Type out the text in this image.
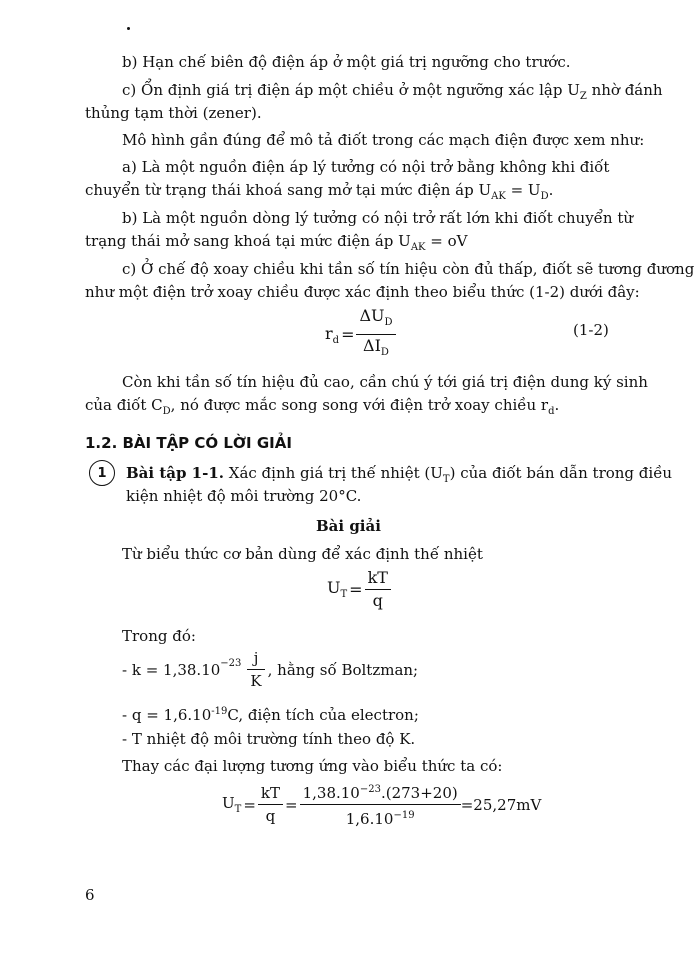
b) Hạn chế biên độ điện áp ở một giá trị ngưỡng cho trước.
c) Ổn định giá trị điện áp một chiều ở một ngưỡng xác lập $U_Z$ nhờ đánh
thủng tạm thời (zener).
Mô hình gần đúng để mô tả điốt trong các mạch điện được xem như:
a) Là một nguồn điện áp lý tưởng có nội trở bằng không khi điốt
chuyển từ trạng thái khoá sang mở tại mức điện áp $U_{AK} = U_D$.
b) Là một nguồn dòng lý tưởng có nội trở rất lớn khi điốt chuyển từ
trạng thái mở sang khoá tại mức điện áp $U_{AK}$ = oV
c) Ở chế độ xoay chiều khi tần số tín hiệu còn đủ thấp, điốt sẽ tương đương
như một điện trở xoay chiều được xác định theo biểu thức (1-2) dưới đây:
$r_d = \frac{\Delta U_D}{\Delta I_D}$	(1-2)
Còn khi tần số tín hiệu đủ cao, cần chú ý tới giá trị điện dung ký sinh
của điốt $C_D$, nó được mắc song song với điện trở xoay chiều $r_d$.
1.2. BÀI TẬP CÓ LỜI GIẢI
1	Bài tập 1-1. Xác định giá trị thế nhiệt $(U_T)$ của điốt bán dẫn trong điều
kiện nhiệt độ môi trường 20°C.
Bài giải
Từ biểu thức cơ bản dùng để xác định thế nhiệt
$U_T = \frac{kT}{q}$
Trong đó:
- $k = 1,38.10^{-23} \frac{j}{K}$ , hằng số Boltzman;
- $q = 1,6.10^{-19}C$, điện tích của electron;
- T nhiệt độ môi trường tính theo độ K.
Thay các đại lượng tương ứng vào biểu thức ta có:
$U_T = \frac{kT}{q} = \frac{1,38.10^{-23}.(273+20)}{1,6.10^{-19}} =25,27mV$
6
